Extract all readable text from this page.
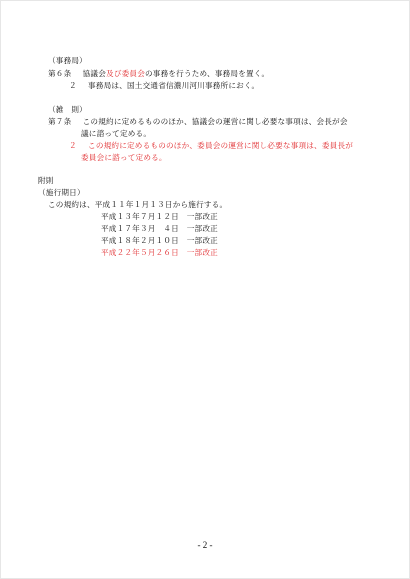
（事務局）
第６条 協議会及び委員会の事務を行うため、事務局を置く。
２ 事務局は、国土交通省信濃川河川事務所におく。
（雑　則）
第７条 この規約に定めるもののほか、協議会の運営に関し必要な事項は、会長が会
議に諮って定める。
２ この規約に定めるもののほか、委員会の運営に関し必要な事項は、委員長が
委員会に諮って定める。
附則
（施行期日）
この規約は、平成１１年１月１３日から施行する。
平成１３年７月１２日　一部改正
平成１７年３月　４日　一部改正
平成１８年２月１０日　一部改正
平成２２年５月２６日　一部改正
- 2 -
